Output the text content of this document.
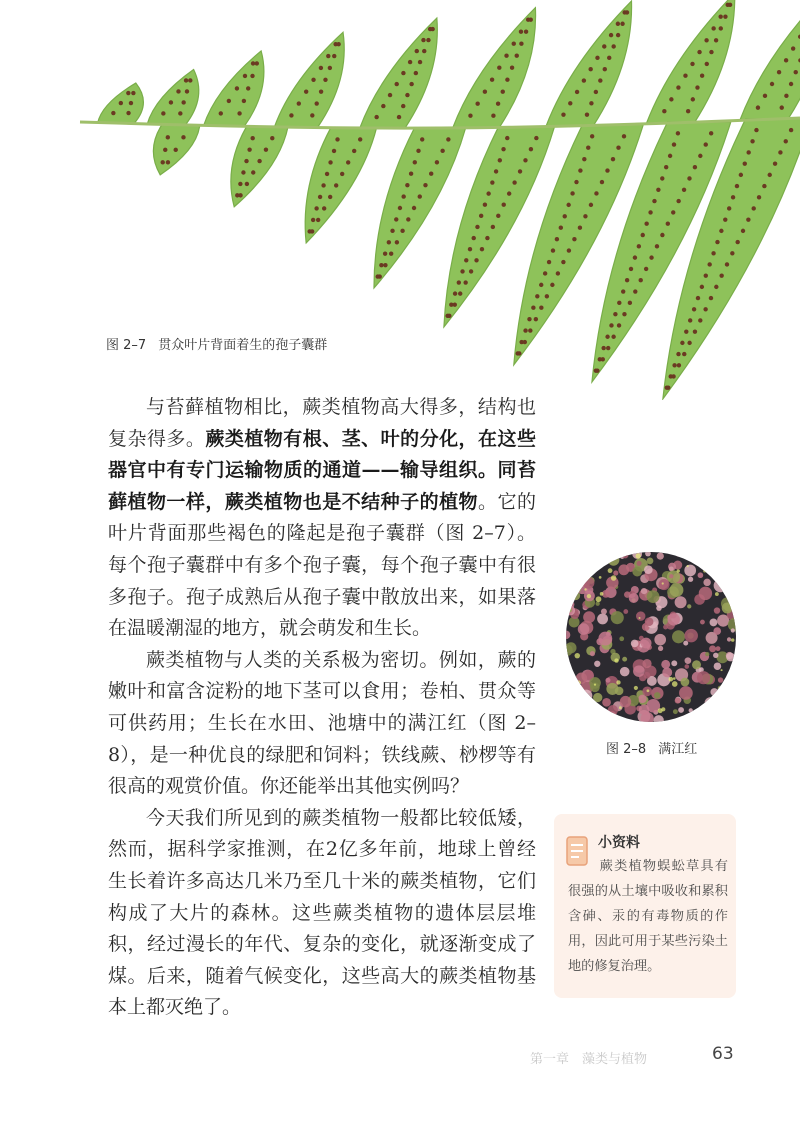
图 2–7 贯众叶片背面着生的孢子囊群

与苔藓植物相比，蕨类植物高大得多，结构也复杂得多。蕨类植物有根、茎、叶的分化，在这些器官中有专门运输物质的通道——输导组织。同苔藓植物一样，蕨类植物也是不结种子的植物。它的叶片背面那些褐色的隆起是孢子囊群（图 2–7）。每个孢子囊群中有多个孢子囊，每个孢子囊中有很多孢子。孢子成熟后从孢子囊中散放出来，如果落在温暖潮湿的地方，就会萌发和生长。

蕨类植物与人类的关系极为密切。例如，蕨的嫩叶和富含淀粉的地下茎可以食用；卷柏、贯众等可供药用；生长在水田、池塘中的满江红（图 2–8），是一种优良的绿肥和饲料；铁线蕨、桫椤等有很高的观赏价值。你还能举出其他实例吗？

今天我们所见到的蕨类植物一般都比较低矮，然而，据科学家推测，在2亿多年前，地球上曾经生长着许多高达几米乃至几十米的蕨类植物，它们构成了大片的森林。这些蕨类植物的遗体层层堆积，经过漫长的年代、复杂的变化，就逐渐变成了煤。后来，随着气候变化，这些高大的蕨类植物基本上都灭绝了。

图 2–8 满江红
小资料
蕨类植物蜈蚣草具有很强的从土壤中吸收和累积含砷、汞的有毒物质的作用，因此可用于某些污染土地的修复治理。
第一章　藻类与植物	63
